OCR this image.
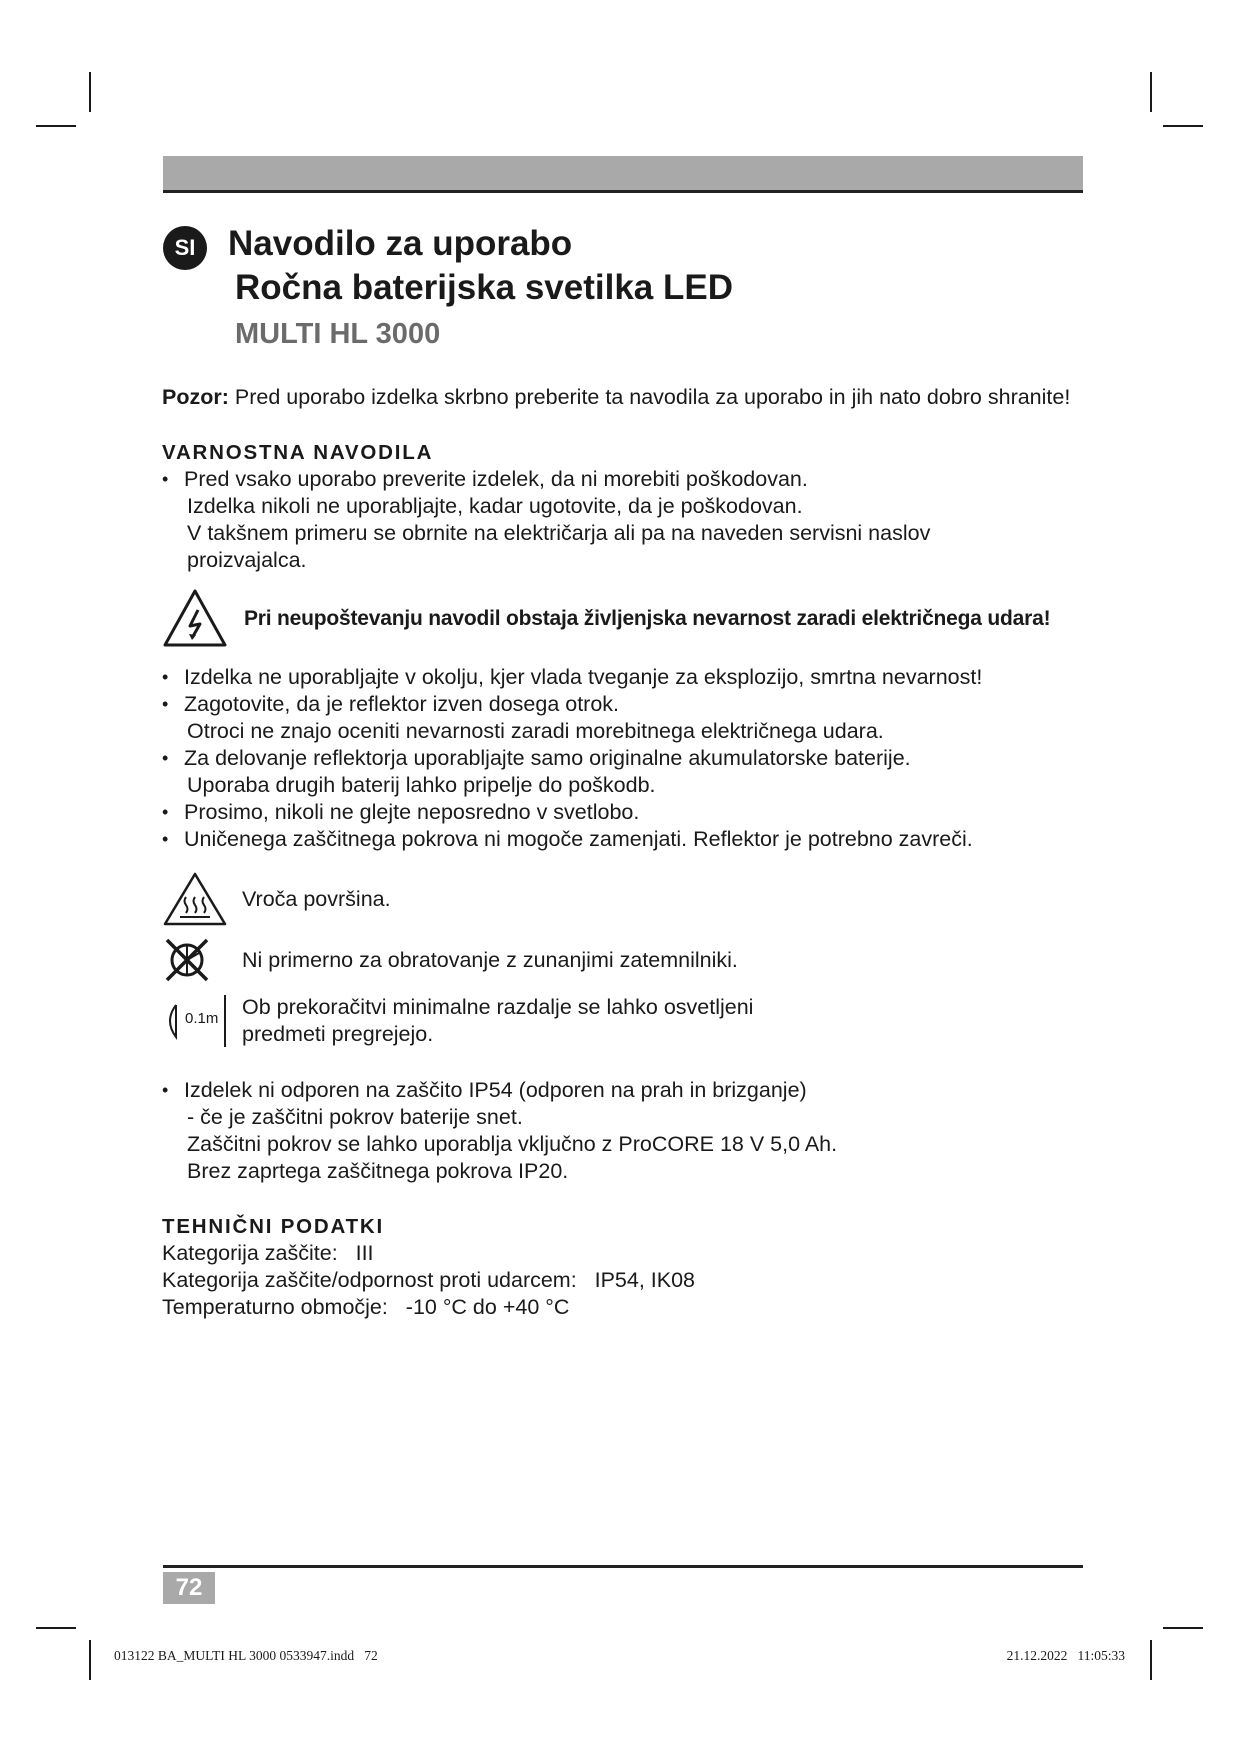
SI Navodilo za uporabo
Ročna baterijska svetilka LED
MULTI HL 3000

Pozor: Pred uporabo izdelka skrbno preberite ta navodila za uporabo in jih nato dobro shranite!

VARNOSTNA NAVODILA
• Pred vsako uporabo preverite izdelek, da ni morebiti poškodovan.
Izdelka nikoli ne uporabljajte, kadar ugotovite, da je poškodovan.
V takšnem primeru se obrnite na električarja ali pa na naveden servisni naslov
proizvajalca.
Pri neupoštevanju navodil obstaja življenjska nevarnost zaradi električnega udara!
• Izdelka ne uporabljajte v okolju, kjer vlada tveganje za eksplozijo, smrtna nevarnost!
• Zagotovite, da je reflektor izven dosega otrok.
Otroci ne znajo oceniti nevarnosti zaradi morebitnega električnega udara.
• Za delovanje reflektorja uporabljajte samo originalne akumulatorske baterije.
Uporaba drugih baterij lahko pripelje do poškodb.
• Prosimo, nikoli ne glejte neposredno v svetlobo.
• Uničenega zaščitnega pokrova ni mogoče zamenjati. Reflektor je potrebno zavreči.
Vroča površina.
Ni primerno za obratovanje z zunanjimi zatemnilniki.
0.1m Ob prekoračitvi minimalne razdalje se lahko osvetljeni
predmeti pregrejejo.
• Izdelek ni odporen na zaščito IP54 (odporen na prah in brizganje)
- če je zaščitni pokrov baterije snet.
Zaščitni pokrov se lahko uporablja vključno z ProCORE 18 V 5,0 Ah.
Brez zaprtega zaščitnega pokrova IP20.
TEHNIČNI PODATKI

Kategorija zaščite:   III

Kategorija zaščite/odpornost proti udarcem:   IP54, IK08

Temperaturno območje:   -10 °C do +40 °C

72
013122 BA_MULTI HL 3000 0533947.indd   72	21.12.2022   11:05:33
